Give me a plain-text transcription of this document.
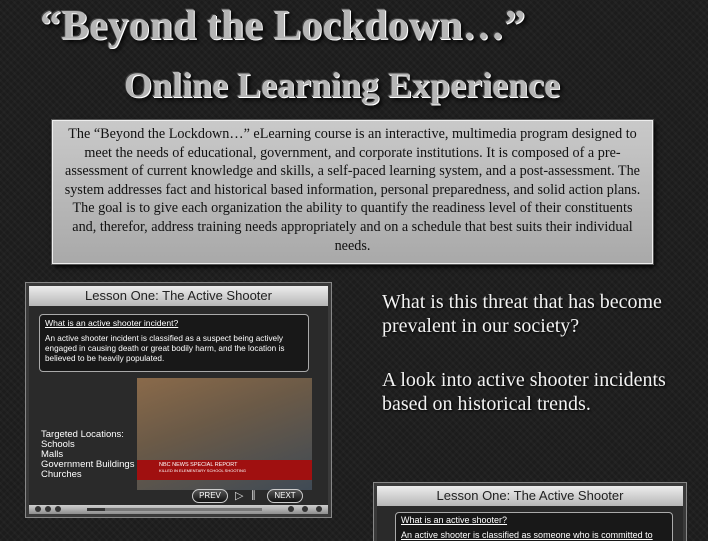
“Beyond the Lockdown…”
Online Learning Experience
The “Beyond the Lockdown…” eLearning course is an interactive, multimedia program designed to meet the needs of educational, government, and corporate institutions. It is composed of a pre-assessment of current knowledge and skills, a self-paced learning system, and a post-assessment. The system addresses fact and historical based information, personal preparedness, and solid action plans. The goal is to give each organization the ability to quantify the readiness level of their constituents and, therefor, address training needs appropriately and on a schedule that best suits their individual needs.
Lesson One: The Active Shooter
NBC NEWS SPECIAL REPORT
KILLED IN ELEMENTARY SCHOOL SHOOTING
What is an active shooter incident?
An active shooter incident is classified as a suspect being actively engaged in causing death or great bodily harm, and the location is believed to be heavily populated.
Targeted Locations:
Schools
Malls
Government Buildings
Churches
PREV	▷ ∥	NEXT
What is this threat that has become prevalent in our society?
A look into active shooter incidents based on historical trends.
Lesson One: The Active Shooter
What is an active shooter?
An active shooter is classified as someone who is committed to
